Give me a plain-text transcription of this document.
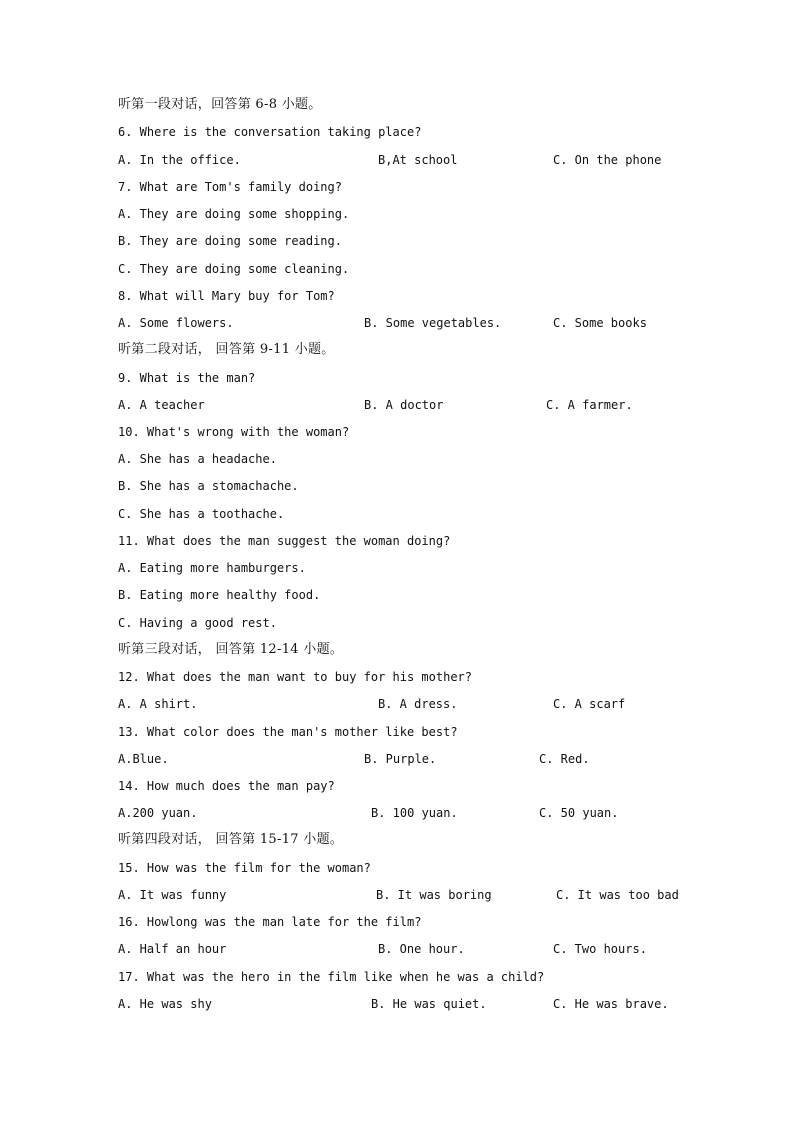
听第一段对话，回答第 6-8 小题。
6. Where is the conversation taking place?
A. In the office.	B,At school	C. On the phone
7. What are Tom's family doing?
A. They are doing some shopping.
B. They are doing some reading.
C. They are doing some cleaning.
8. What will Mary buy for Tom?
A. Some flowers.	B. Some vegetables.	C. Some books
听第二段对话， 回答第 9-11 小题。
9. What is the man?
A. A teacher	B. A doctor	C. A farmer.
10. What's wrong with the woman?
A. She has a headache.
B. She has a stomachache.
C. She has a toothache.
11. What does the man suggest the woman doing?
A. Eating more hamburgers.
B. Eating more healthy food.
C. Having a good rest.
听第三段对话， 回答第 12-14 小题。
12. What does the man want to buy for his mother?
A. A shirt.	B. A dress.	C. A scarf
13. What color does the man's mother like best?
A.Blue.	B. Purple.	C. Red.
14. How much does the man pay?
A.200 yuan.	B. 100 yuan.	C. 50 yuan.
听第四段对话， 回答第 15-17 小题。
15. How was the film for the woman?
A. It was funny	B. It was boring	C. It was too bad
16. Howlong was the man late for the film?
A. Half an hour	B. One hour.	C. Two hours.
17. What was the hero in the film like when he was a child?
A. He was shy	B. He was quiet.	C. He was brave.
